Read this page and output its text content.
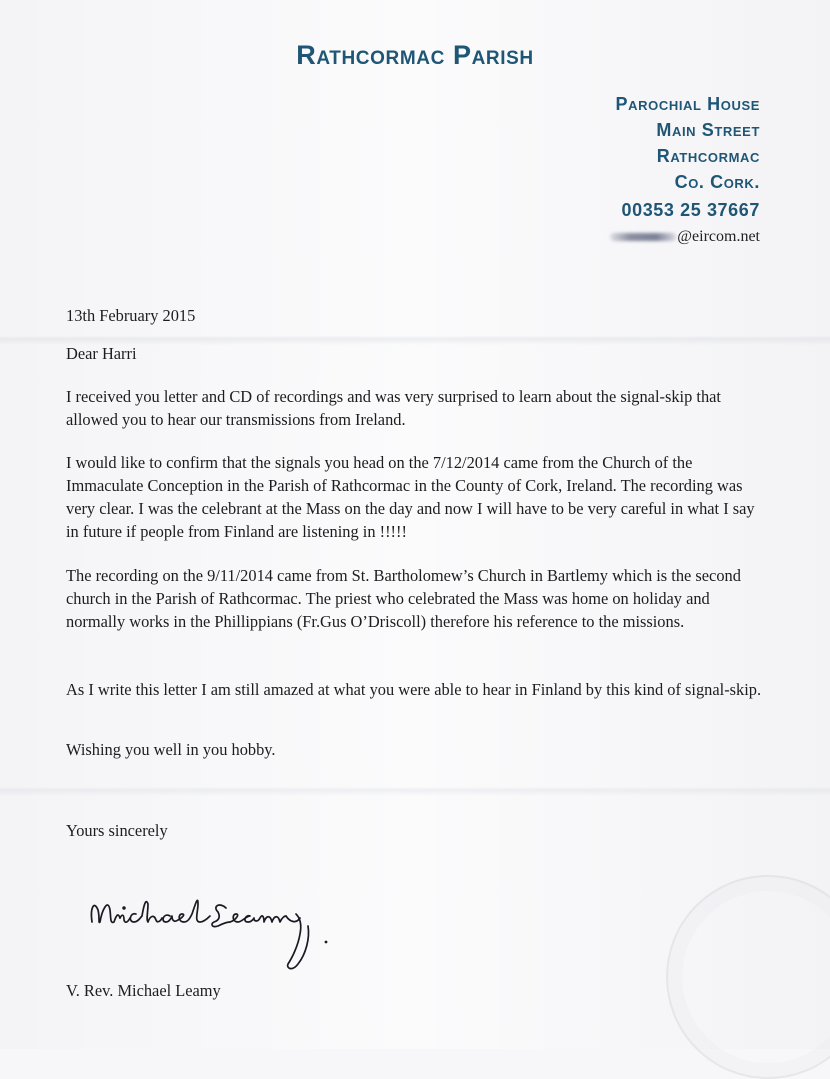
Rathcormac Parish
Parochial House
Main Street
Rathcormac
Co. Cork.
00353 25 37667
@eircom.net
13th February 2015
Dear Harri
I received you letter and CD of recordings and was very surprised to learn about the signal-skip that allowed you to hear our transmissions from Ireland.
I would like to confirm that the signals you head on the 7/12/2014 came from the Church of the Immaculate Conception in the Parish of Rathcormac in the County of Cork, Ireland. The recording was very clear. I was the celebrant at the Mass on the day and now I will have to be very careful in what I say in future if people from Finland are listening in !!!!!
The recording on the 9/11/2014 came from St. Bartholomew’s Church in Bartlemy which is the second church in the Parish of Rathcormac. The priest who celebrated the Mass was home on holiday and normally works in the Phillippians (Fr.Gus O’Driscoll) therefore his reference to the missions.
As I write this letter I am still amazed at what you were able to hear in Finland by this kind of signal-skip.
Wishing you well in you hobby.
Yours sincerely
V. Rev. Michael Leamy
